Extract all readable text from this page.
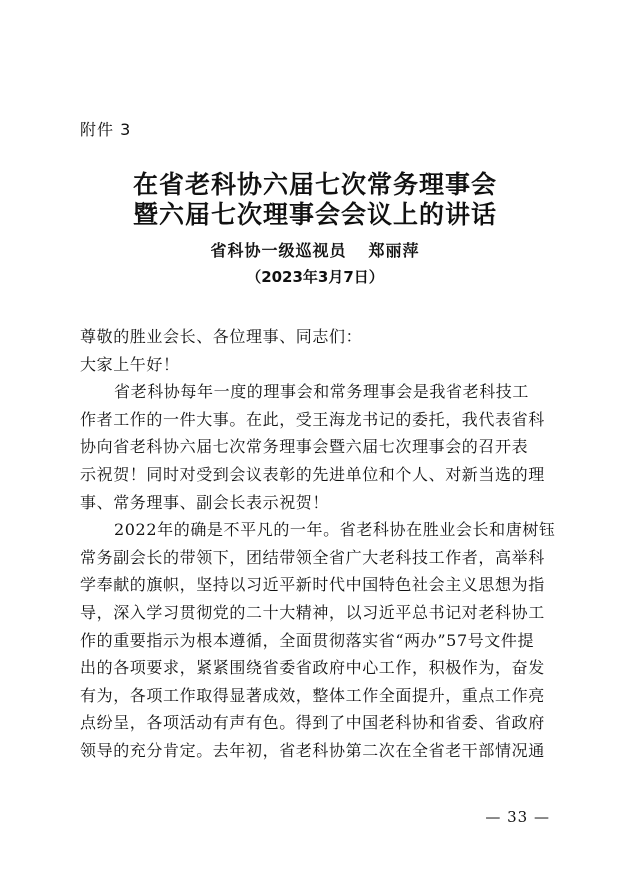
附件 3
在省老科协六届七次常务理事会
暨六届七次理事会会议上的讲话
省科协一级巡视员 郑丽萍
（2023年3月7日）
尊敬的胜业会长、各位理事、同志们：
大家上午好！
省老科协每年一度的理事会和常务理事会是我省老科技工
作者工作的一件大事。在此，受王海龙书记的委托，我代表省科
协向省老科协六届七次常务理事会暨六届七次理事会的召开表
示祝贺！同时对受到会议表彰的先进单位和个人、对新当选的理
事、常务理事、副会长表示祝贺！
2022年的确是不平凡的一年。省老科协在胜业会长和唐树钰
常务副会长的带领下，团结带领全省广大老科技工作者，高举科
学奉献的旗帜，坚持以习近平新时代中国特色社会主义思想为指
导，深入学习贯彻党的二十大精神，以习近平总书记对老科协工
作的重要指示为根本遵循，全面贯彻落实省“两办”57号文件提
出的各项要求，紧紧围绕省委省政府中心工作，积极作为，奋发
有为，各项工作取得显著成效，整体工作全面提升，重点工作亮
点纷呈，各项活动有声有色。得到了中国老科协和省委、省政府
领导的充分肯定。去年初，省老科协第二次在全省老干部情况通
— 33 —
